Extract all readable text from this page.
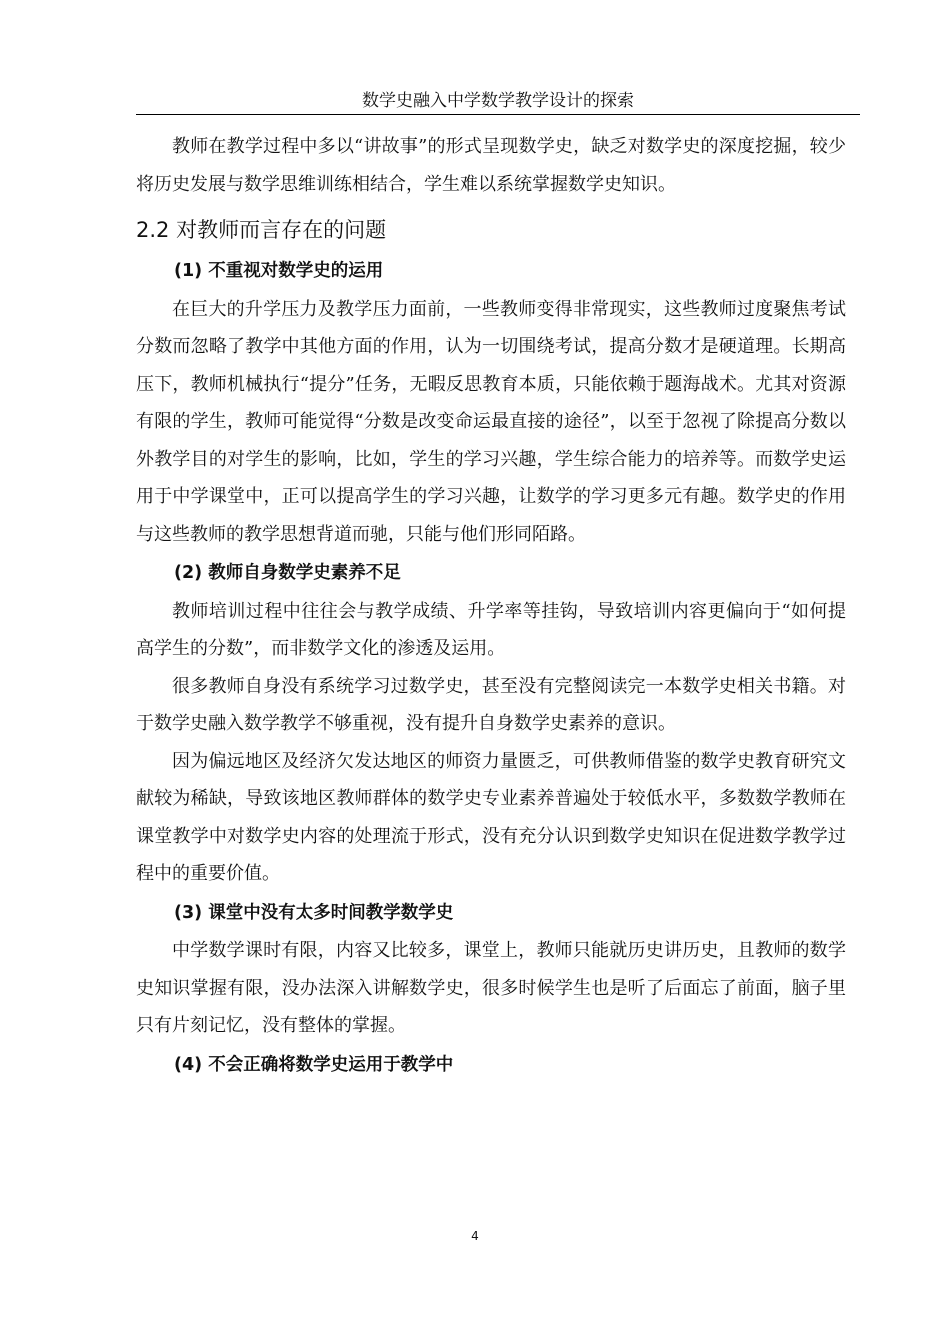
数学史融入中学数学教学设计的探索

教师在教学过程中多以“讲故事”的形式呈现数学史，缺乏对数学史的深度挖掘，较少将历史发展与数学思维训练相结合，学生难以系统掌握数学史知识。

2.2 对教师而言存在的问题
(1) 不重视对数学史的运用

在巨大的升学压力及教学压力面前，一些教师变得非常现实，这些教师过度聚焦考试分数而忽略了教学中其他方面的作用，认为一切围绕考试，提高分数才是硬道理。长期高压下，教师机械执行“提分”任务，无暇反思教育本质，只能依赖于题海战术。尤其对资源有限的学生，教师可能觉得“分数是改变命运最直接的途径”，以至于忽视了除提高分数以外教学目的对学生的影响，比如，学生的学习兴趣，学生综合能力的培养等。而数学史运用于中学课堂中，正可以提高学生的学习兴趣，让数学的学习更多元有趣。数学史的作用与这些教师的教学思想背道而驰，只能与他们形同陌路。

(2) 教师自身数学史素养不足

教师培训过程中往往会与教学成绩、升学率等挂钩，导致培训内容更偏向于“如何提高学生的分数”，而非数学文化的渗透及运用。

很多教师自身没有系统学习过数学史，甚至没有完整阅读完一本数学史相关书籍。对于数学史融入数学教学不够重视，没有提升自身数学史素养的意识。

因为偏远地区及经济欠发达地区的师资力量匮乏，可供教师借鉴的数学史教育研究文献较为稀缺，导致该地区教师群体的数学史专业素养普遍处于较低水平，多数数学教师在课堂教学中对数学史内容的处理流于形式，没有充分认识到数学史知识在促进数学教学过程中的重要价值。

(3) 课堂中没有太多时间教学数学史

中学数学课时有限，内容又比较多，课堂上，教师只能就历史讲历史，且教师的数学史知识掌握有限，没办法深入讲解数学史，很多时候学生也是听了后面忘了前面，脑子里只有片刻记忆，没有整体的掌握。

(4) 不会正确将数学史运用于教学中
4
